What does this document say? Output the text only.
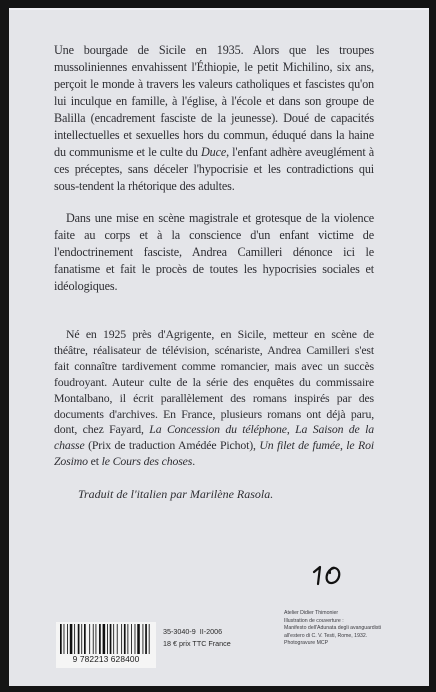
Une bourgade de Sicile en 1935. Alors que les troupes mussoliniennes envahissent l'Éthiopie, le petit Michilino, six ans, perçoit le monde à travers les valeurs catholiques et fascistes qu'on lui inculque en famille, à l'église, à l'école et dans son groupe de Balilla (encadrement fasciste de la jeunesse). Doué de capacités intellectuelles et sexuelles hors du commun, éduqué dans la haine du communisme et le culte du Duce, l'enfant adhère aveuglément à ces préceptes, sans déceler l'hypocrisie et les contradictions qui sous-tendent la rhétorique des adultes.
Dans une mise en scène magistrale et grotesque de la violence faite au corps et à la conscience d'un enfant victime de l'endoctrinement fasciste, Andrea Camilleri dénonce ici le fanatisme et fait le procès de toutes les hypocrisies sociales et idéologiques.
Né en 1925 près d'Agrigente, en Sicile, metteur en scène de théâtre, réalisateur de télévision, scénariste, Andrea Camilleri s'est fait connaître tardivement comme romancier, mais avec un succès foudroyant. Auteur culte de la série des enquêtes du commissaire Montalbano, il écrit parallèlement des romans inspirés par des documents d'archives. En France, plusieurs romans ont déjà paru, dont, chez Fayard, La Concession du téléphone, La Saison de la chasse (Prix de traduction Amédée Pichot), Un filet de fumée, le Roi Zosimo et le Cours des choses.
Traduit de l'italien par Marilène Rasola.
Atelier Didier Thimonier
Illustration de couverture :
Manifesto dell'Adunata degli avanguardisti
all'estero di C. V. Testi, Rome, 1932.
Photogravure MCP
9 782213 628400
35-3040-9 II-2006
18 € prix TTC France
